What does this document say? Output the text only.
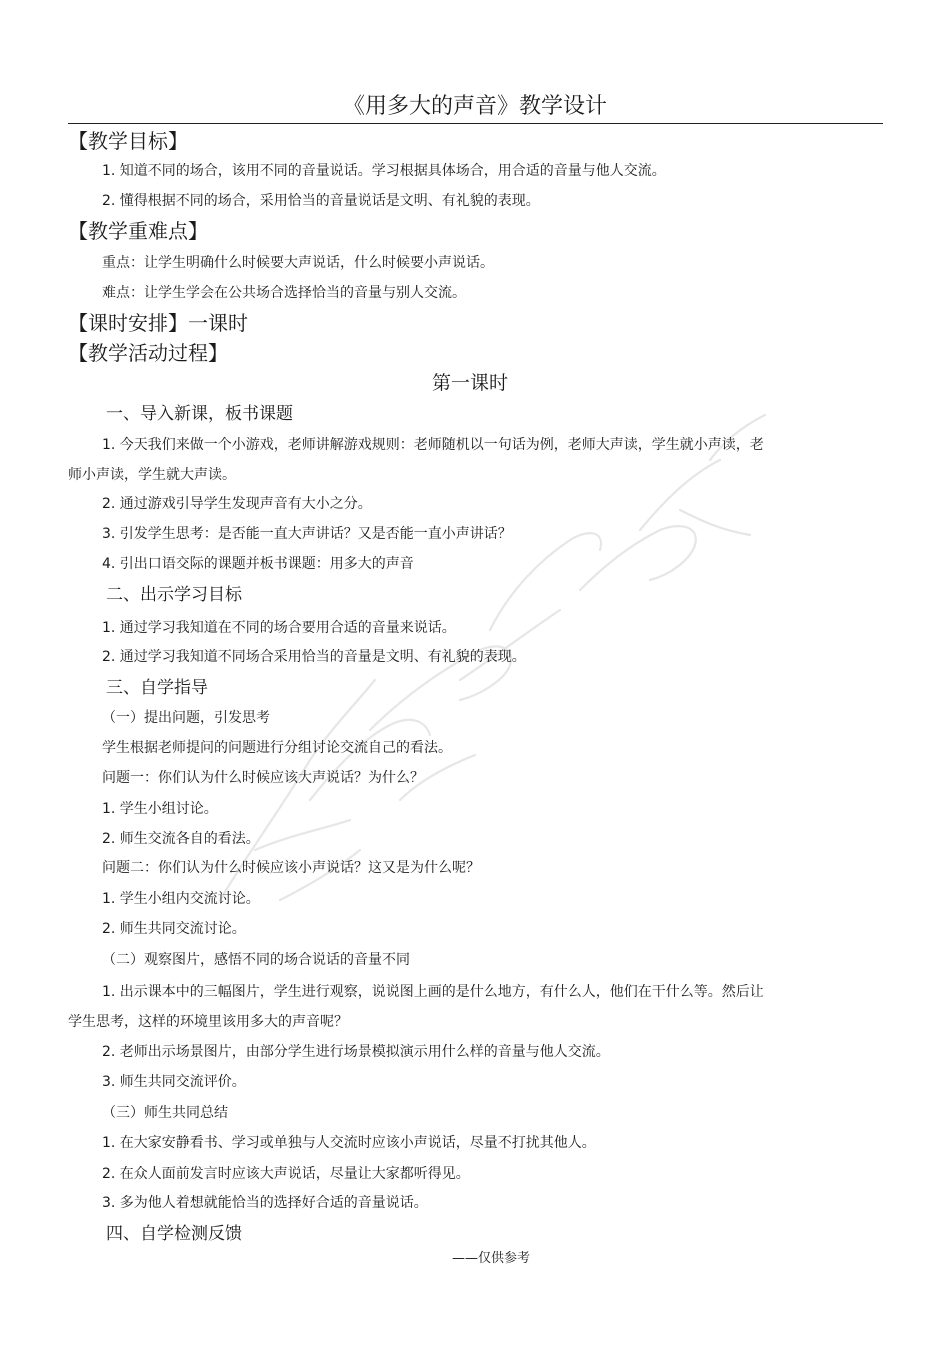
《用多大的声音》教学设计
【教学目标】
1. 知道不同的场合，该用不同的音量说话。学习根据具体场合，用合适的音量与他人交流。
2. 懂得根据不同的场合，采用恰当的音量说话是文明、有礼貌的表现。
【教学重难点】
重点：让学生明确什么时候要大声说话，什么时候要小声说话。
难点：让学生学会在公共场合选择恰当的音量与别人交流。
【课时安排】一课时
【教学活动过程】
第一课时
一、导入新课，板书课题
1. 今天我们来做一个小游戏，老师讲解游戏规则：老师随机以一句话为例，老师大声读，学生就小声读，老
师小声读，学生就大声读。
2. 通过游戏引导学生发现声音有大小之分。
3. 引发学生思考：是否能一直大声讲话？又是否能一直小声讲话？
4. 引出口语交际的课题并板书课题：用多大的声音
二、出示学习目标
1. 通过学习我知道在不同的场合要用合适的音量来说话。
2. 通过学习我知道不同场合采用恰当的音量是文明、有礼貌的表现。
三、自学指导
（一）提出问题，引发思考
学生根据老师提问的问题进行分组讨论交流自己的看法。
问题一：你们认为什么时候应该大声说话？为什么？
1. 学生小组讨论。
2. 师生交流各自的看法。
问题二：你们认为什么时候应该小声说话？这又是为什么呢？
1. 学生小组内交流讨论。
2. 师生共同交流讨论。
（二）观察图片，感悟不同的场合说话的音量不同
1. 出示课本中的三幅图片，学生进行观察，说说图上画的是什么地方，有什么人，他们在干什么等。然后让
学生思考，这样的环境里该用多大的声音呢？
2. 老师出示场景图片，由部分学生进行场景模拟演示用什么样的音量与他人交流。
3. 师生共同交流评价。
（三）师生共同总结
1. 在大家安静看书、学习或单独与人交流时应该小声说话，尽量不打扰其他人。
2. 在众人面前发言时应该大声说话，尽量让大家都听得见。
3. 多为他人着想就能恰当的选择好合适的音量说话。
四、自学检测反馈
——仅供参考
